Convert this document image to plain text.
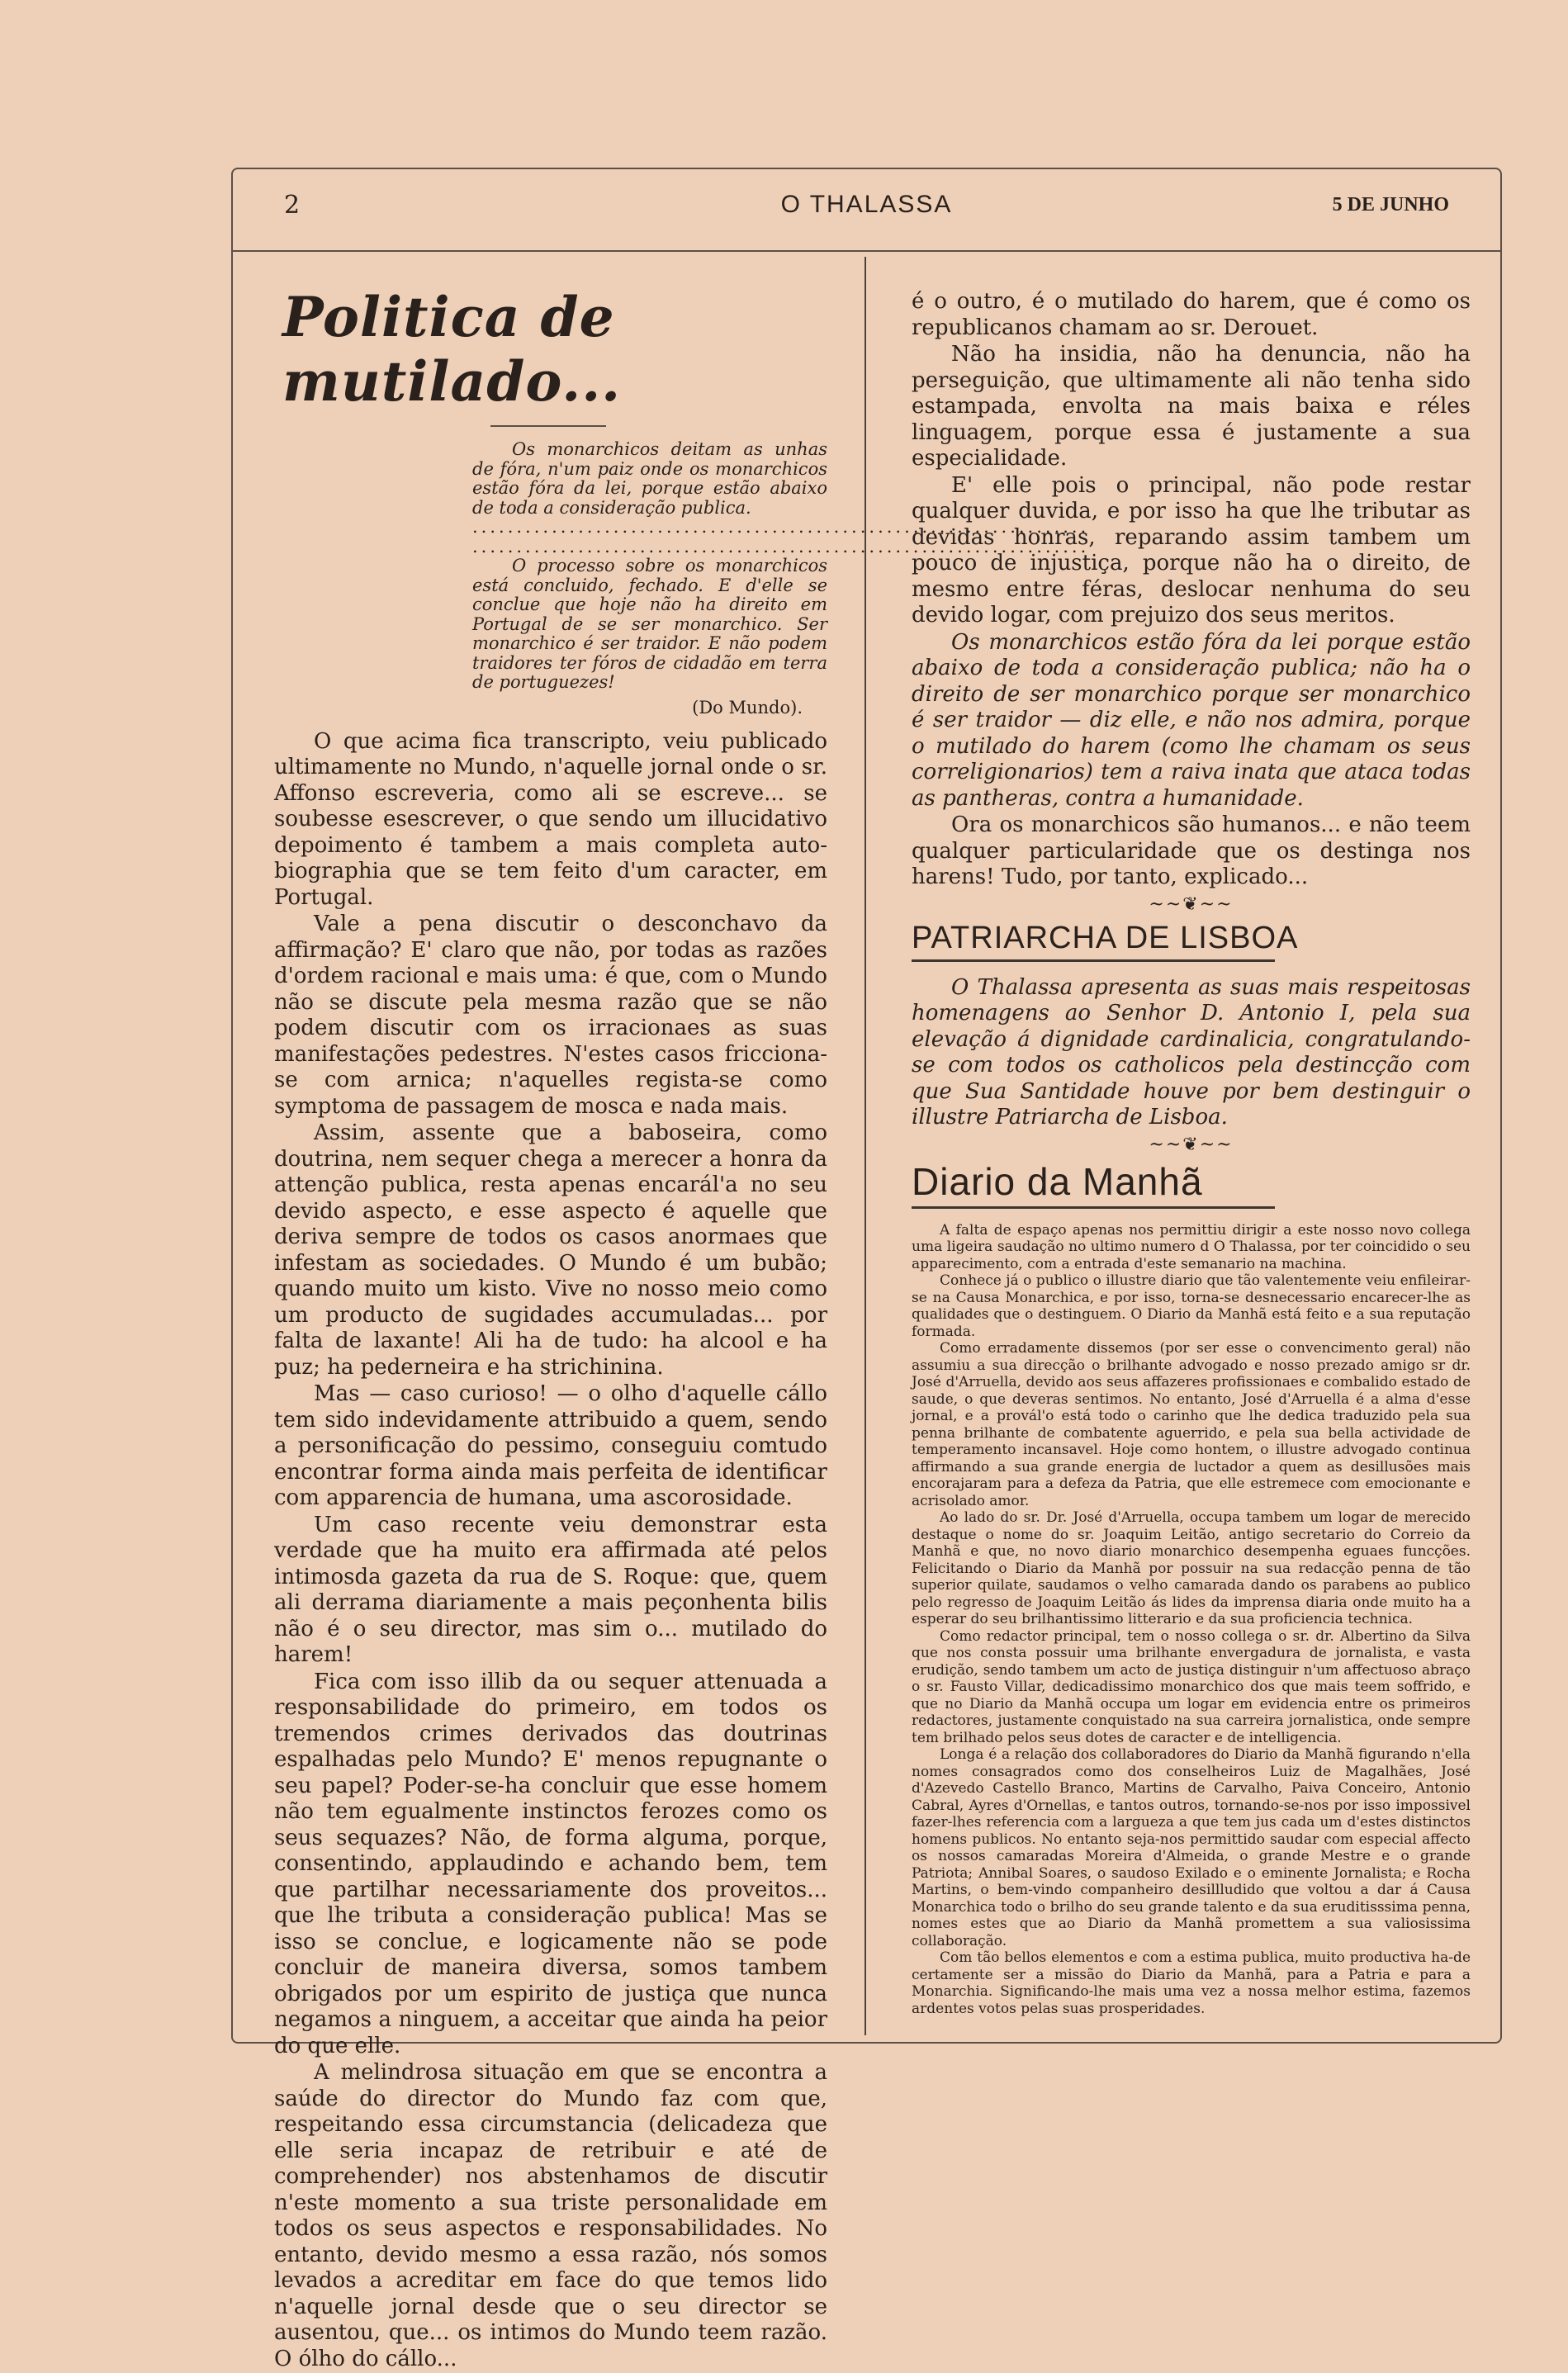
2	O THALASSA	5 DE JUNHO
Politica de mutilado...

Os monarchicos deitam as unhas de fóra, n'um paiz onde os monarchicos estão fóra da lei, porque estão abaixo de toda a consideração publica.

......................................................................
......................................................................

O processo sobre os monarchicos está concluido, fechado. E d'elle se conclue que hoje não ha direito em Portugal de se ser monarchico. Ser monarchico é ser traidor. E não podem traidores ter fóros de cidadão em terra de portuguezes!

(Do Mundo).

O que acima fica transcripto, veiu publicado ultimamente no Mundo, n'aquelle jornal onde o sr. Affonso escreveria, como ali se escreve... se soubesse esescrever, o que sendo um illucidativo depoimento é tambem a mais completa auto-biographia que se tem feito d'um caracter, em Portugal.

Vale a pena discutir o desconchavo da affirmação? E' claro que não, por todas as razões d'ordem racional e mais uma: é que, com o Mundo não se discute pela mesma razão que se não podem discutir com os irracionaes as suas manifestações pedestres. N'estes casos fricciona-se com arnica; n'aquelles regista-se como symptoma de passagem de mosca e nada mais.

Assim, assente que a baboseira, como doutrina, nem sequer chega a merecer a honra da attenção publica, resta apenas encarál'a no seu devido aspecto, e esse aspecto é aquelle que deriva sempre de todos os casos anormaes que infestam as sociedades. O Mundo é um bubão; quando muito um kisto. Vive no nosso meio como um producto de sugidades accumuladas... por falta de laxante! Ali ha de tudo: ha alcool e ha puz; ha pederneira e ha strichinina.

Mas — caso curioso! — o olho d'aquelle cállo tem sido indevidamente attribuido a quem, sendo a personificação do pessimo, conseguiu comtudo encontrar forma ainda mais perfeita de identificar com apparencia de humana, uma ascorosidade.

Um caso recente veiu demonstrar esta verdade que ha muito era affirmada até pelos intimosda gazeta da rua de S. Roque: que, quem ali derrama diariamente a mais peçonhenta bilis não é o seu director, mas sim o... mutilado do harem!

Fica com isso illib da ou sequer attenuada a responsabilidade do primeiro, em todos os tremendos crimes derivados das doutrinas espalhadas pelo Mundo? E' menos repugnante o seu papel? Poder-se-ha concluir que esse homem não tem egualmente instinctos ferozes como os seus sequazes? Não, de forma alguma, porque, consentindo, applaudindo e achando bem, tem que partilhar necessariamente dos proveitos... que lhe tributa a consideração publica! Mas se isso se conclue, e logicamente não se pode concluir de maneira diversa, somos tambem obrigados por um espirito de justiça que nunca negamos a ninguem, a acceitar que ainda ha peior do que elle.

A melindrosa situação em que se encontra a saúde do director do Mundo faz com que, respeitando essa circumstancia (delicadeza que elle seria incapaz de retribuir e até de comprehender) nos abstenhamos de discutir n'este momento a sua triste personalidade em todos os seus aspectos e responsabilidades. No entanto, devido mesmo a essa razão, nós somos levados a acreditar em face do que temos lido n'aquelle jornal desde que o seu director se ausentou, que... os intimos do Mundo teem razão. O ólho do cállo...

é o outro, é o mutilado do harem, que é como os republicanos chamam ao sr. Derouet.

Não ha insidia, não ha denuncia, não ha perseguição, que ultimamente ali não tenha sido estampada, envolta na mais baixa e réles linguagem, porque essa é justamente a sua especialidade.

E' elle pois o principal, não pode restar qualquer duvida, e por isso ha que lhe tributar as devidas honras, reparando assim tambem um pouco de injustiça, porque não ha o direito, de mesmo entre féras, deslocar nenhuma do seu devido logar, com prejuizo dos seus meritos.

Os monarchicos estão fóra da lei porque estão abaixo de toda a consideração publica; não ha o direito de ser monarchico porque ser monarchico é ser traidor — diz elle, e não nos admira, porque o mutilado do harem (como lhe chamam os seus correligionarios) tem a raiva inata que ataca todas as pantheras, contra a humanidade.

Ora os monarchicos são humanos... e não teem qualquer particularidade que os destinga nos harens! Tudo, por tanto, explicado...

~~❦~~
PATRIARCHA DE LISBOA

O Thalassa apresenta as suas mais respeitosas homenagens ao Senhor D. Antonio I, pela sua elevação á dignidade cardinalicia, congratulando-se com todos os catholicos pela destincção com que Sua Santidade houve por bem destinguir o illustre Patriarcha de Lisboa.

~~❦~~
Diario da Manhã

A falta de espaço apenas nos permittiu dirigir a este nosso novo collega uma ligeira saudação no ultimo numero d O Thalassa, por ter coincidido o seu apparecimento, com a entrada d'este semanario na machina.

Conhece já o publico o illustre diario que tão valentemente veiu enfileirar-se na Causa Monarchica, e por isso, torna-se desnecessario encarecer-lhe as qualidades que o destinguem. O Diario da Manhã está feito e a sua reputação formada.

Como erradamente dissemos (por ser esse o convencimento geral) não assumiu a sua direcção o brilhante advogado e nosso prezado amigo sr dr. José d'Arruella, devido aos seus affazeres profissionaes e combalido estado de saude, o que deveras sentimos. No entanto, José d'Arruella é a alma d'esse jornal, e a provál'o está todo o carinho que lhe dedica traduzido pela sua penna brilhante de combatente aguerrido, e pela sua bella actividade de temperamento incansavel. Hoje como hontem, o illustre advogado continua affirmando a sua grande energia de luctador a quem as desillusões mais encorajaram para a defeza da Patria, que elle estremece com emocionante e acrisolado amor.

Ao lado do sr. Dr. José d'Arruella, occupa tambem um logar de merecido destaque o nome do sr. Joaquim Leitão, antigo secretario do Correio da Manhã e que, no novo diario monarchico desempenha eguaes funcções. Felicitando o Diario da Manhã por possuir na sua redacção penna de tão superior quilate, saudamos o velho camarada dando os parabens ao publico pelo regresso de Joaquim Leitão ás lides da imprensa diaria onde muito ha a esperar do seu brilhantissimo litterario e da sua proficiencia technica.

Como redactor principal, tem o nosso collega o sr. dr. Albertino da Silva que nos consta possuir uma brilhante envergadura de jornalista, e vasta erudição, sendo tambem um acto de justiça distinguir n'um affectuoso abraço o sr. Fausto Villar, dedicadissimo monarchico dos que mais teem soffrido, e que no Diario da Manhã occupa um logar em evidencia entre os primeiros redactores, justamente conquistado na sua carreira jornalistica, onde sempre tem brilhado pelos seus dotes de caracter e de intelligencia.

Longa é a relação dos collaboradores do Diario da Manhã figurando n'ella nomes consagrados como dos conselheiros Luiz de Magalhães, José d'Azevedo Castello Branco, Martins de Carvalho, Paiva Conceiro, Antonio Cabral, Ayres d'Ornellas, e tantos outros, tornando-se-nos por isso impossivel fazer-lhes referencia com a largueza a que tem jus cada um d'estes distinctos homens publicos. No entanto seja-nos permittido saudar com especial affecto os nossos camaradas Moreira d'Almeida, o grande Mestre e o grande Patriota; Annibal Soares, o saudoso Exilado e o eminente Jornalista; e Rocha Martins, o bem-vindo companheiro desillludido que voltou a dar á Causa Monarchica todo o brilho do seu grande talento e da sua eruditisssima penna, nomes estes que ao Diario da Manhã promettem a sua valiosissima collaboração.

Com tão bellos elementos e com a estima publica, muito productiva ha-de certamente ser a missão do Diario da Manhã, para a Patria e para a Monarchia. Significando-lhe mais uma vez a nossa melhor estima, fazemos ardentes votos pelas suas prosperidades.
